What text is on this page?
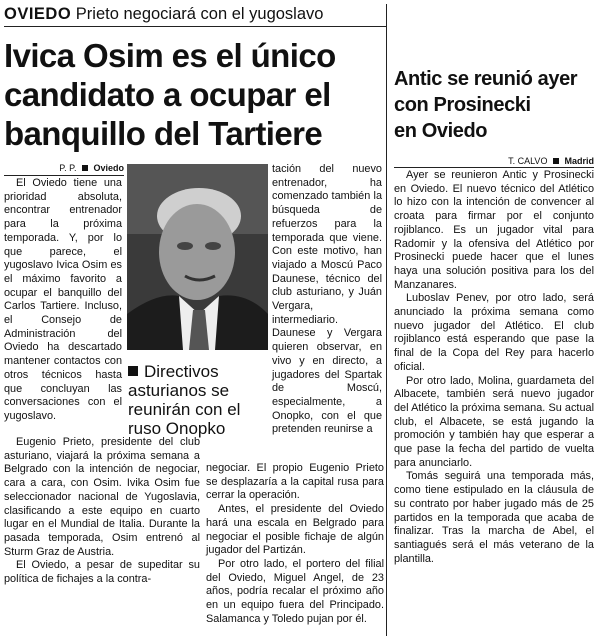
OVIEDO Prieto negociará con el yugoslavo
Ivica Osim es el único
candidato a ocupar el
banquillo del Tartiere
P. P. Oviedo

El Oviedo tiene una prioridad absoluta, encontrar entrenador para la próxima temporada. Y, por lo que parece, el yugoslavo Ivica Osim es el máximo favorito a ocupar el banquillo del Carlos Tartiere. Incluso, el Consejo de Administración del Oviedo ha descartado mantener contactos con otros técnicos hasta que concluyan las conversaciones con el yugoslavo.

Directivos
asturianos se
reunirán con el
ruso Onopko

tación del nuevo entrenador, ha comenzado también la búsqueda de refuerzos para la temporada que viene. Con este motivo, han viajado a Moscú Paco Daunese, técnico del club asturiano, y Juán Vergara, intermediario. Daunese y Vergara quieren observar, en vivo y en directo, a jugadores del Spartak de Moscú, especialmente, a Onopko, con el que pretenden reunirse a

Eugenio Prieto, presidente del club asturiano, viajará la próxima semana a Belgrado con la intención de negociar, cara a cara, con Osim. Ivika Osim fue seleccionador nacional de Yugoslavia, clasificando a este equipo en cuarto lugar en el Mundial de Italia. Durante la pasada temporada, Osim entrenó al Sturm Graz de Austria.

El Oviedo, a pesar de supeditar su política de fichajes a la contra-

negociar. El propio Eugenio Prieto se desplazaría a la capital rusa para cerrar la operación.

Antes, el presidente del Oviedo hará una escala en Belgrado para negociar el posible fichaje de algún jugador del Partizán.

Por otro lado, el portero del filial del Oviedo, Miguel Angel, de 23 años, podría recalar el próximo año en un equipo fuera del Principado. Salamanca y Toledo pujan por él.

Antic se reunió ayer
con Prosinecki
en Oviedo
T. CALVO Madrid

Ayer se reunieron Antic y Prosinecki en Oviedo. El nuevo técnico del Atlético lo hizo con la intención de convencer al croata para firmar por el conjunto rojiblanco. Es un jugador vital para Radomir y la ofensiva del Atlético por Prosinecki puede hacer que el lunes haya una solución positiva para los del Manzanares.

Luboslav Penev, por otro lado, será anunciado la próxima semana como nuevo jugador del Atlético. El club rojiblanco está esperando que pase la final de la Copa del Rey para hacerlo oficial.

Por otro lado, Molina, guardameta del Albacete, también será nuevo jugador del Atlético la próxima semana. Su actual club, el Albacete, se está jugando la promoción y también hay que esperar a que pase la fecha del partido de vuelta para anunciarlo.

Tomás seguirá una temporada más, como tiene estipulado en la cláusula de su contrato por haber jugado más de 25 partidos en la temporada que acaba de finalizar. Tras la marcha de Abel, el santiagués será el más veterano de la plantilla.
